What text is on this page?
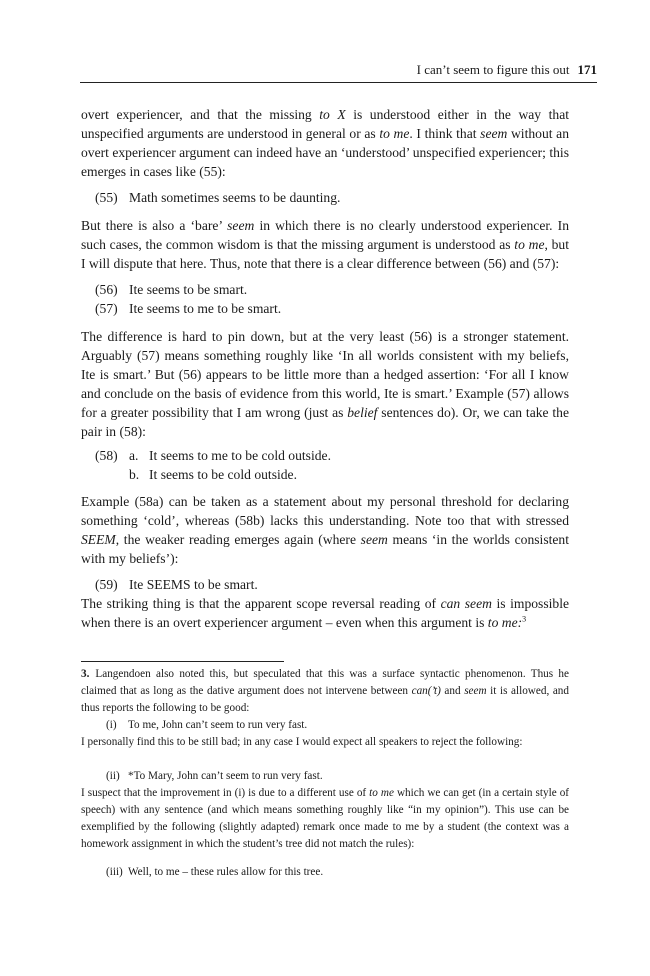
I can’t seem to figure this out 171

overt experiencer, and that the missing to X is understood either in the way that unspecified arguments are understood in general or as to me. I think that seem without an overt experiencer argument can indeed have an ‘understood’ unspecified experiencer; this emerges in cases like (55):

(55) Math sometimes seems to be daunting.

But there is also a ‘bare’ seem in which there is no clearly understood experiencer. In such cases, the common wisdom is that the missing argument is understood as to me, but I will dispute that here. Thus, note that there is a clear difference between (56) and (57):

(56) Ite seems to be smart.
(57) Ite seems to me to be smart.

The difference is hard to pin down, but at the very least (56) is a stronger statement. Arguably (57) means something roughly like ‘In all worlds consistent with my beliefs, Ite is smart.’ But (56) appears to be little more than a hedged assertion: ‘For all I know and conclude on the basis of evidence from this world, Ite is smart.’ Example (57) allows for a greater possibility that I am wrong (just as belief sentences do). Or, we can take the pair in (58):

(58) a. It seems to me to be cold outside.
b. It seems to be cold outside.

Example (58a) can be taken as a statement about my personal threshold for declaring something ‘cold’, whereas (58b) lacks this understanding. Note too that with stressed SEEM, the weaker reading emerges again (where seem means ‘in the worlds consistent with my beliefs’):

(59) Ite SEEMS to be smart.

The striking thing is that the apparent scope reversal reading of can seem is impossible when there is an overt experiencer argument – even when this argument is to me:$^3$

3. Langendoen also noted this, but speculated that this was a surface syntactic phenomenon. Thus he claimed that as long as the dative argument does not intervene between can(’t) and seem it is allowed, and thus reports the following to be good:

(i) To me, John can’t seem to run very fast.

I personally find this to be still bad; in any case I would expect all speakers to reject the following:

(ii) *To Mary, John can’t seem to run very fast.

I suspect that the improvement in (i) is due to a different use of to me which we can get (in a certain style of speech) with any sentence (and which means something roughly like “in my opinion”). This use can be exemplified by the following (slightly adapted) remark once made to me by a student (the context was a homework assignment in which the student’s tree did not match the rules):

(iii) Well, to me – these rules allow for this tree.
